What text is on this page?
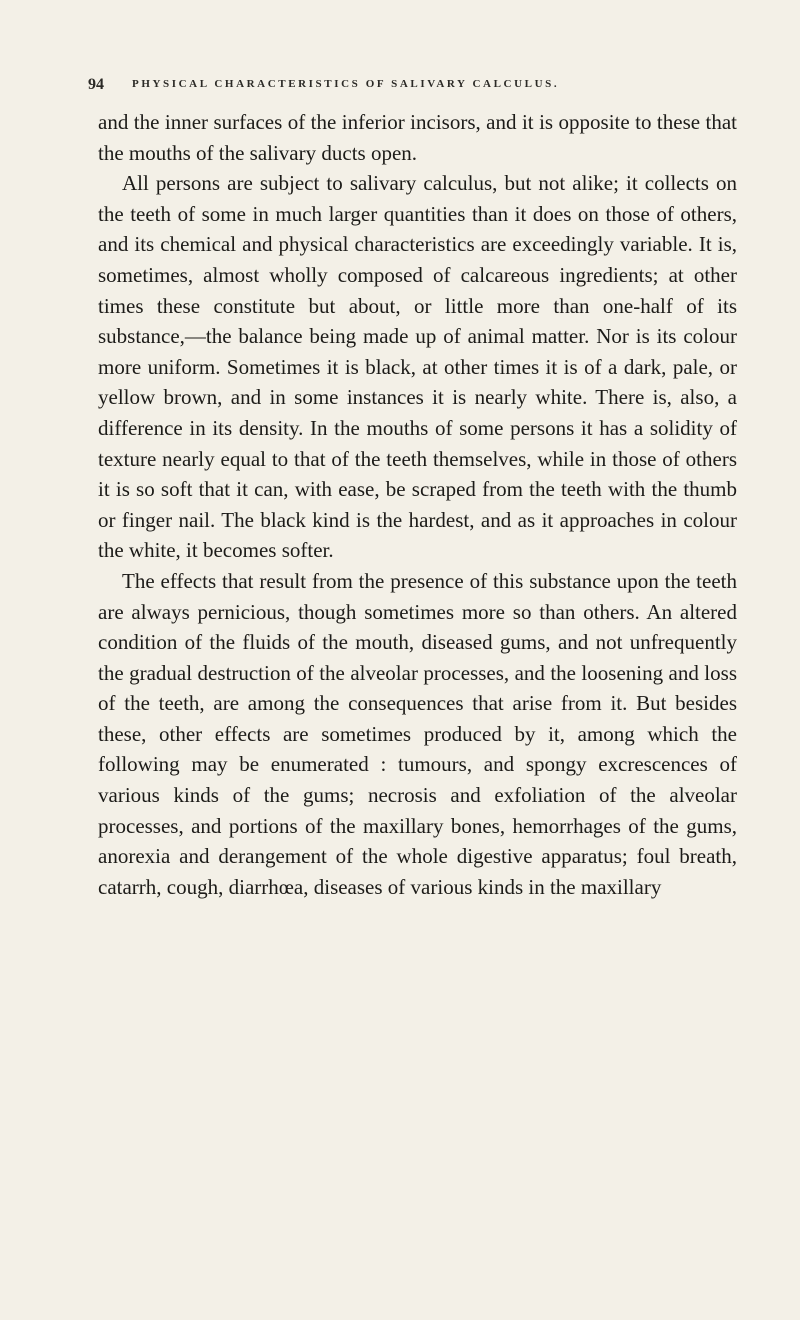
94	PHYSICAL CHARACTERISTICS OF SALIVARY CALCULUS.

and the inner surfaces of the inferior incisors, and it is opposite to these that the mouths of the salivary ducts open.

All persons are subject to salivary calculus, but not alike; it collects on the teeth of some in much larger quantities than it does on those of others, and its chemical and physical characteristics are exceedingly variable. It is, sometimes, almost wholly composed of calcareous ingredients; at other times these constitute but about, or little more than one-half of its substance,—the balance being made up of animal matter. Nor is its colour more uniform. Sometimes it is black, at other times it is of a dark, pale, or yellow brown, and in some instances it is nearly white. There is, also, a difference in its density. In the mouths of some persons it has a solidity of texture nearly equal to that of the teeth themselves, while in those of others it is so soft that it can, with ease, be scraped from the teeth with the thumb or finger nail. The black kind is the hardest, and as it approaches in colour the white, it becomes softer.

The effects that result from the presence of this substance upon the teeth are always pernicious, though sometimes more so than others. An altered condition of the fluids of the mouth, diseased gums, and not unfrequently the gradual destruction of the alveolar processes, and the loosening and loss of the teeth, are among the consequences that arise from it. But besides these, other effects are sometimes produced by it, among which the following may be enumerated : tumours, and spongy excrescences of various kinds of the gums; necrosis and exfoliation of the alveolar processes, and portions of the maxillary bones, hemorrhages of the gums, anorexia and derangement of the whole digestive apparatus; foul breath, catarrh, cough, diarrhœa, diseases of various kinds in the maxillary
